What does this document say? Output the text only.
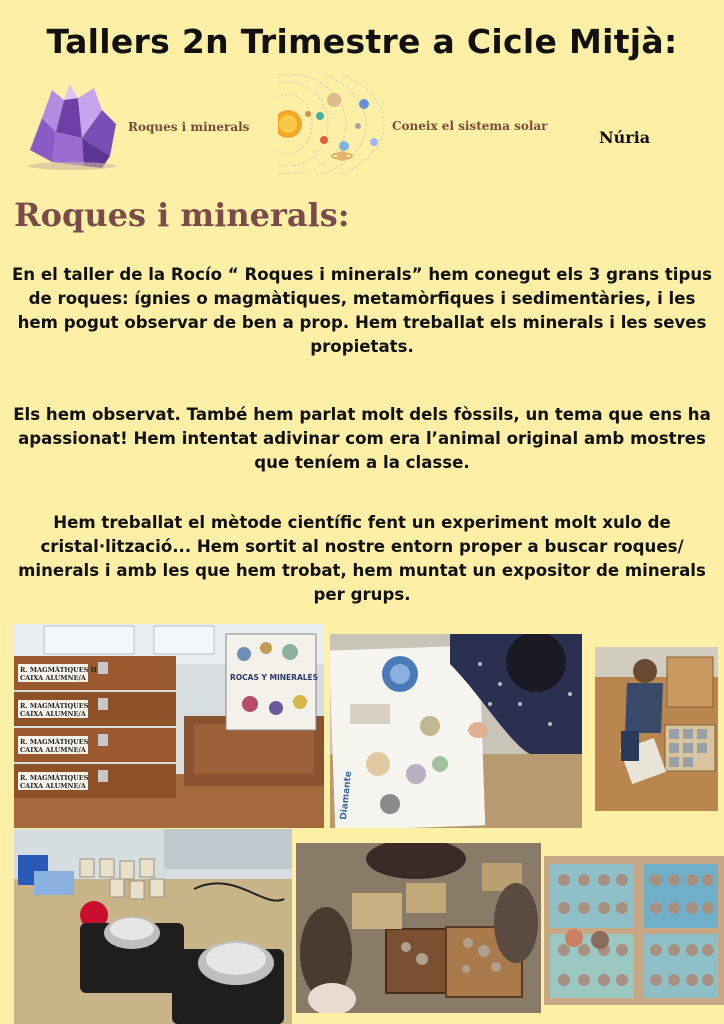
Tallers 2n Trimestre a Cicle Mitjà:
Roques i minerals	Coneix el sistema solar
Núria
Roques i minerals:
En el taller de la Rocío “ Roques i minerals” hem conegut els 3 grans tipus de roques: ígnies o magmàtiques, metamòrfiques i sedimentàries, i les hem pogut observar de ben a prop. Hem treballat els minerals i les seves propietats.
Els hem observat. També hem parlat molt dels fòssils, un tema que ens ha apassionat! Hem intentat adivinar com era l’animal original amb mostres que teníem a la classe.
Hem treballat el mètode científic fent un experiment molt xulo de cristal·lització... Hem sortit al nostre entorn proper a buscar roques/ minerals i amb les que hem trobat, hem muntat un expositor de minerals per grups.
R. MAGMÀTIQUES II CAIXA ALUMNE/A
R. MAGMÀTIQUES CAIXA ALUMNE/A
R. MAGMÀTIQUES CAIXA ALUMNE/A
R. MAGMÀTIQUES CAIXA ALUMNE/A
ROCAS Y MINERALES
Diamante
